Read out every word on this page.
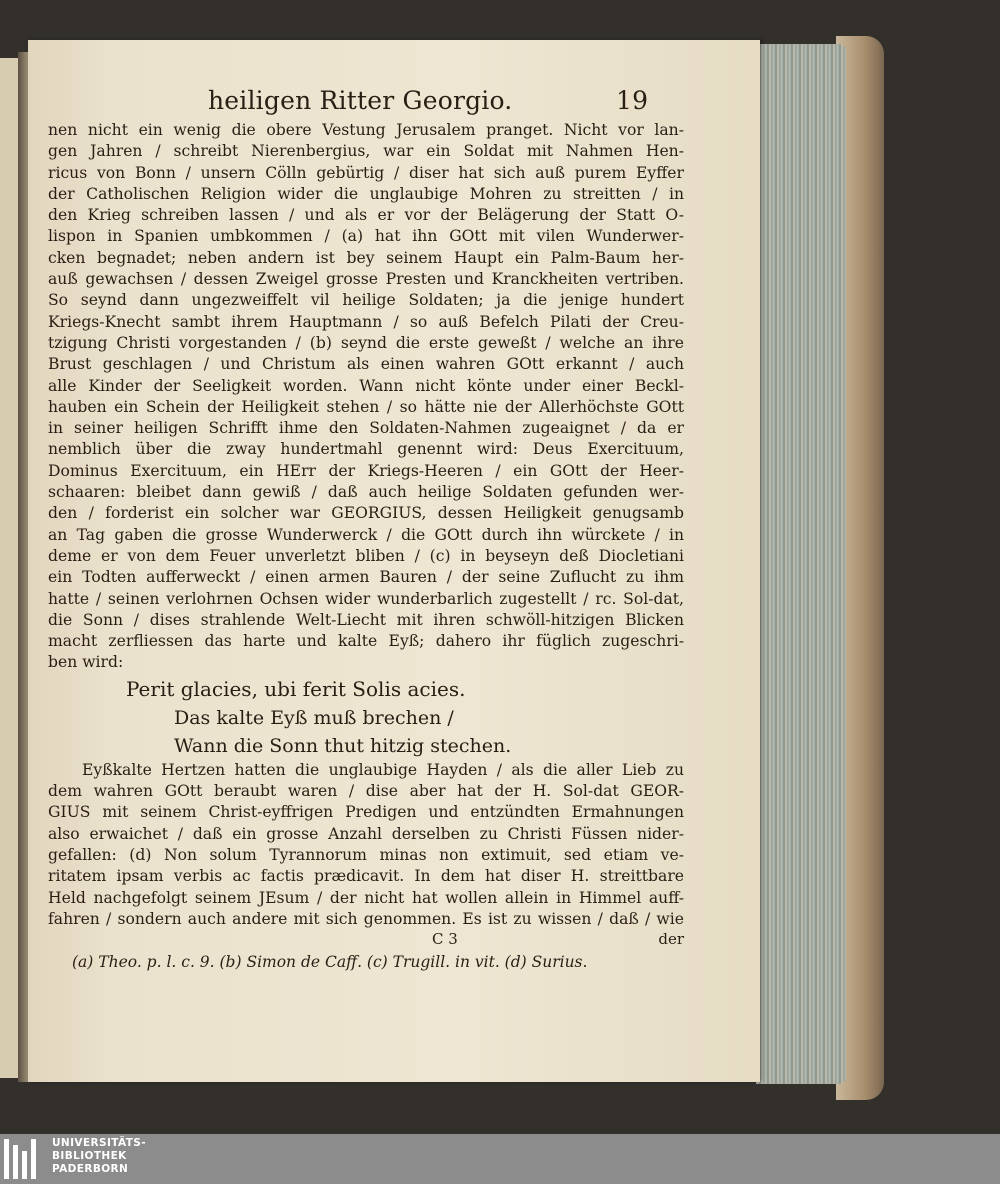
heiligen Ritter Georgio.	19
nen nicht ein wenig die obere Vestung Jerusalem pranget. Nicht vor lan-
gen Jahren / schreibt Nierenbergius, war ein Soldat mit Nahmen Hen-
ricus von Bonn / unsern Cölln gebürtig / diser hat sich auß purem Eyffer
der Catholischen Religion wider die unglaubige Mohren zu streitten / in
den Krieg schreiben lassen / und als er vor der Belägerung der Statt O-
lispon in Spanien umbkommen / (a) hat ihn GOtt mit vilen Wunderwer-
cken begnadet; neben andern ist bey seinem Haupt ein Palm-Baum her-
auß gewachsen / dessen Zweigel grosse Presten und Kranckheiten vertriben.
So seynd dann ungezweiffelt vil heilige Soldaten; ja die jenige hundert
Kriegs-Knecht sambt ihrem Hauptmann / so auß Befelch Pilati der Creu-
tzigung Christi vorgestanden / (b) seynd die erste geweßt / welche an ihre
Brust geschlagen / und Christum als einen wahren GOtt erkannt / auch
alle Kinder der Seeligkeit worden. Wann nicht könte under einer Beckl-
hauben ein Schein der Heiligkeit stehen / so hätte nie der Allerhöchste GOtt
in seiner heiligen Schrifft ihme den Soldaten-Nahmen zugeaignet / da er
nemblich über die zway hundertmahl genennt wird: Deus Exercituum,
Dominus Exercituum, ein HErr der Kriegs-Heeren / ein GOtt der Heer-
schaaren: bleibet dann gewiß / daß auch heilige Soldaten gefunden wer-
den / forderist ein solcher war GEORGIUS, dessen Heiligkeit genugsamb
an Tag gaben die grosse Wunderwerck / die GOtt durch ihn würckete / in
deme er von dem Feuer unverletzt bliben / (c) in beyseyn deß Diocletiani
ein Todten aufferweckt / einen armen Bauren / der seine Zuflucht zu ihm
hatte / seinen verlohrnen Ochsen wider wunderbarlich zugestellt / rc. Sol-dat,
die Sonn / dises strahlende Welt-Liecht mit ihren schwöll-hitzigen Blicken
macht zerfliessen das harte und kalte Eyß; dahero ihr füglich zugeschri-
ben wird:
Perit glacies, ubi ferit Solis acies.
Das kalte Eyß muß brechen /
Wann die Sonn thut hitzig stechen.
Eyßkalte Hertzen hatten die unglaubige Hayden / als die aller Lieb zu
dem wahren GOtt beraubt waren / dise aber hat der H. Sol-dat GEOR-
GIUS mit seinem Christ-eyffrigen Predigen und entzündten Ermahnungen
also erwaichet / daß ein grosse Anzahl derselben zu Christi Füssen nider-
gefallen: (d) Non solum Tyrannorum minas non extimuit, sed etiam ve-
ritatem ipsam verbis ac factis prædicavit. In dem hat diser H. streittbare
Held nachgefolgt seinem JEsum / der nicht hat wollen allein in Himmel auff-
fahren / sondern auch andere mit sich genommen. Es ist zu wissen / daß / wie
C 3	der
(a) Theo. p. l. c. 9. (b) Simon de Caff. (c) Trugill. in vit. (d) Surius.
UNIVERSITÄTS-
BIBLIOTHEK
PADERBORN
